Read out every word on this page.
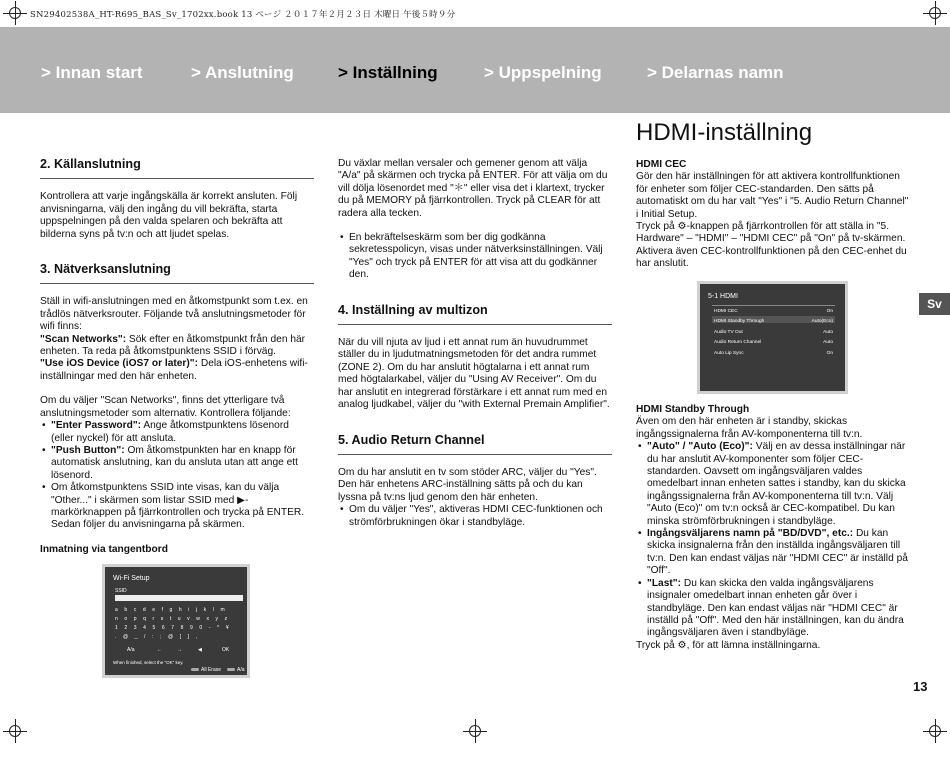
SN29402538A_HT-R695_BAS_Sv_1702xx.book 13 ページ ２０１７年２月２３日 木曜日 午後５時９分
> Innan start	> Anslutning	> Inställning	> Uppspelning	> Delarnas namn
HDMI-inställning
2. Källanslutning

Kontrollera att varje ingångskälla är korrekt ansluten. Följ anvisningarna, välj den ingång du vill bekräfta, starta uppspelningen på den valda spelaren och bekräfta att bilderna syns på tv:n och att ljudet spelas.

3. Nätverksanslutning

Ställ in wifi-anslutningen med en åtkomstpunkt som t.ex. en trådlös nätverksrouter. Följande två anslutningsmetoder för wifi finns:

"Scan Networks": Sök efter en åtkomstpunkt från den här enheten. Ta reda på åtkomstpunktens SSID i förväg.

"Use iOS Device (iOS7 or later)": Dela iOS-enhetens wifi-inställningar med den här enheten.

Om du väljer "Scan Networks", finns det ytterligare två anslutningsmetoder som alternativ. Kontrollera följande:

• "Enter Password": Ange åtkomstpunktens lösenord (eller nyckel) för att ansluta.
• "Push Button": Om åtkomstpunkten har en knapp för automatisk anslutning, kan du ansluta utan att ange ett lösenord.
• Om åtkomstpunktens SSID inte visas, kan du välja "Other..." i skärmen som listar SSID med ▶-markörknappen på fjärrkontrollen och trycka på ENTER. Sedan följer du anvisningarna på skärmen.

Inmatning via tangentbord

Wi-Fi Setup
SSID
a b c d e f g h i j k l m
n o p q r s t u v w x y z
1 2 3 4 5 6 7 8 9 0 - ^ ¥
. @ _ / : ; @ [ ] ,
A/a	←	→	◀	OK
When finished, select the "OK" key.
All Erase	A/a

Du växlar mellan versaler och gemener genom att välja "A/a" på skärmen och trycka på ENTER. För att välja om du vill dölja lösenordet med "＊" eller visa det i klartext, trycker du på MEMORY på fjärrkontrollen. Tryck på CLEAR för att radera alla tecken.

• En bekräftelseskärm som ber dig godkänna sekretesspolicyn, visas under nätverksinställningen. Välj "Yes" och tryck på ENTER för att visa att du godkänner den.
4. Inställning av multizon

När du vill njuta av ljud i ett annat rum än huvudrummet ställer du in ljudutmatningsmetoden för det andra rummet (ZONE 2). Om du har anslutit högtalarna i ett annat rum med högtalarkabel, väljer du "Using AV Receiver". Om du har anslutit en integrerad förstärkare i ett annat rum med en analog ljudkabel, väljer du "with External Premain Amplifier".

5. Audio Return Channel

Om du har anslutit en tv som stöder ARC, väljer du "Yes". Den här enhetens ARC-inställning sätts på och du kan lyssna på tv:ns ljud genom den här enheten.

• Om du väljer "Yes", aktiveras HDMI CEC-funktionen och strömförbrukningen ökar i standbyläge.

HDMI CEC

Gör den här inställningen för att aktivera kontrollfunktionen för enheter som följer CEC-standarden. Den sätts på automatiskt om du har valt "Yes" i "5. Audio Return Channel" i Initial Setup.

Tryck på ⚙-knappen på fjärrkontrollen för att ställa in "5. Hardware" – "HDMI" – "HDMI CEC" på "On" på tv-skärmen. Aktivera även CEC-kontrollfunktionen på den CEC-enhet du har anslutit.

5-1 HDMI
HDMI CEC	On
HDMI Standby Through	Auto(Eco)
Audio TV Out	Auto
Audio Return Channel	Auto
Auto Lip Sync	On

HDMI Standby Through

Även om den här enheten är i standby, skickas ingångssignalerna från AV-komponenterna till tv:n.

• "Auto" / "Auto (Eco)": Välj en av dessa inställningar när du har anslutit AV-komponenter som följer CEC-standarden. Oavsett om ingångsväljaren valdes omedelbart innan enheten sattes i standby, kan du skicka ingångssignalerna från AV-komponenterna till tv:n. Välj "Auto (Eco)" om tv:n också är CEC-kompatibel. Du kan minska strömförbrukningen i standbyläge.
• Ingångsväljarens namn på "BD/DVD", etc.: Du kan skicka insignalerna från den inställda ingångsväljaren till tv:n. Den kan endast väljas när "HDMI CEC" är inställd på "Off".
• "Last": Du kan skicka den valda ingångsväljarens insignaler omedelbart innan enheten går över i standbyläge. Den kan endast väljas när "HDMI CEC" är inställd på "Off". Med den här inställningen, kan du ändra ingångsväljaren även i standbyläge.

Tryck på ⚙, för att lämna inställningarna.

Sv
13
